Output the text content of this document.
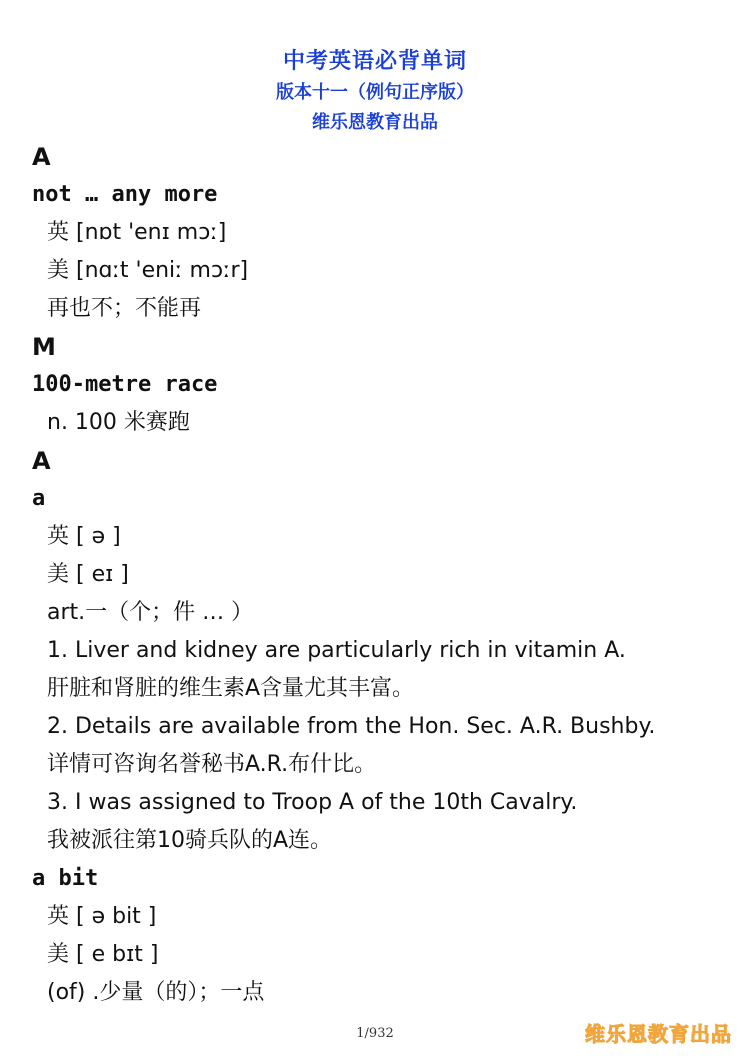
中考英语必背单词
版本十一（例句正序版）
维乐恩教育出品
A
not … any more
英 [nɒt 'enɪ mɔː]
美 [nɑːt 'eniː mɔːr]
再也不；不能再
M
100-metre race
n. 100 米赛跑
A
a
英 [ ə ]
美 [ eɪ ]
art.一（个；件 … ）
1. Liver and kidney are particularly rich in vitamin A.
肝脏和肾脏的维生素A含量尤其丰富。
2. Details are available from the Hon. Sec. A.R. Bushby.
详情可咨询名誉秘书A.R.布什比。
3. I was assigned to Troop A of the 10th Cavalry.
我被派往第10骑兵队的A连。
a bit
英 [ ə bit ]
美 [ e bɪt ]
(of) .少量（的）；一点
1/932	维乐恩教育出品
